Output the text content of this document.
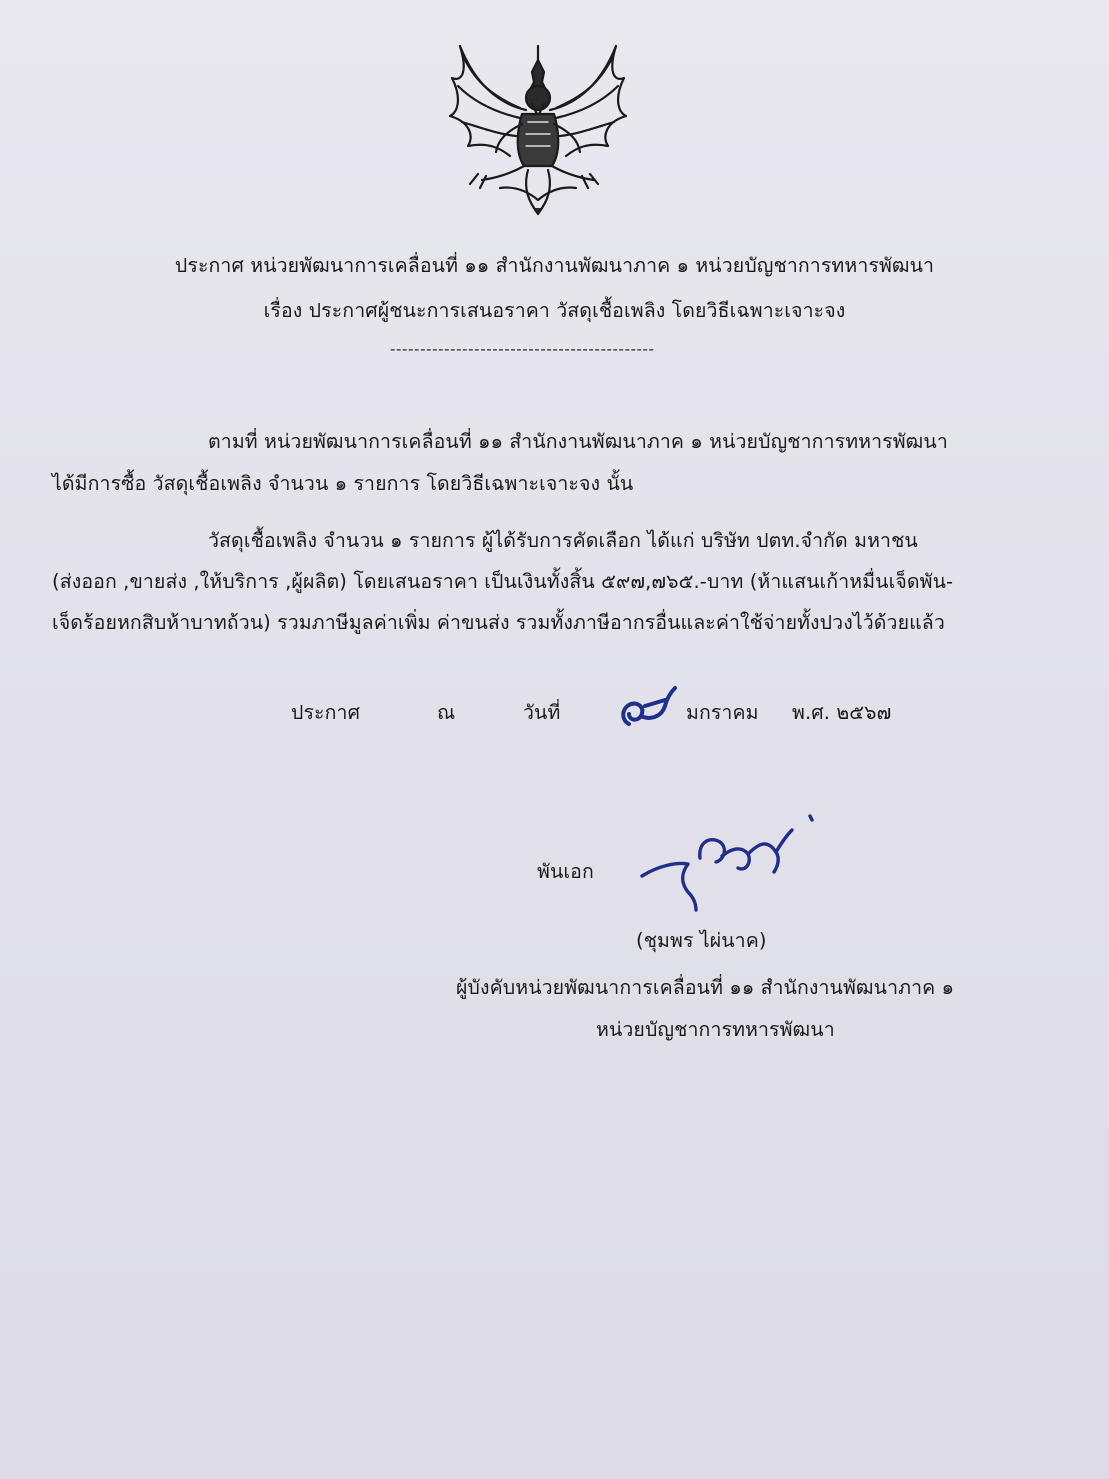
ประกาศ หน่วยพัฒนาการเคลื่อนที่ ๑๑ สำนักงานพัฒนาภาค ๑ หน่วยบัญชาการทหารพัฒนา
เรื่อง ประกาศผู้ชนะการเสนอราคา วัสดุเชื้อเพลิง โดยวิธีเฉพาะเจาะจง
--------------------------------------------
ตามที่ หน่วยพัฒนาการเคลื่อนที่ ๑๑ สำนักงานพัฒนาภาค ๑ หน่วยบัญชาการทหารพัฒนา
ได้มีการซื้อ วัสดุเชื้อเพลิง จำนวน ๑ รายการ โดยวิธีเฉพาะเจาะจง นั้น
วัสดุเชื้อเพลิง จำนวน ๑ รายการ ผู้ได้รับการคัดเลือก ได้แก่ บริษัท ปตท.จำกัด มหาชน
(ส่งออก ,ขายส่ง ,ให้บริการ ,ผู้ผลิต) โดยเสนอราคา เป็นเงินทั้งสิ้น ๕๙๗,๗๖๕.-บาท (ห้าแสนเก้าหมื่นเจ็ดพัน-
เจ็ดร้อยหกสิบห้าบาทถ้วน) รวมภาษีมูลค่าเพิ่ม ค่าขนส่ง รวมทั้งภาษีอากรอื่นและค่าใช้จ่ายทั้งปวงไว้ด้วยแล้ว
ประกาศ	ณ	วันที่	มกราคม พ.ศ. ๒๕๖๗
พันเอก
(ชุมพร ไผ่นาค)
ผู้บังคับหน่วยพัฒนาการเคลื่อนที่ ๑๑ สำนักงานพัฒนาภาค ๑
หน่วยบัญชาการทหารพัฒนา
